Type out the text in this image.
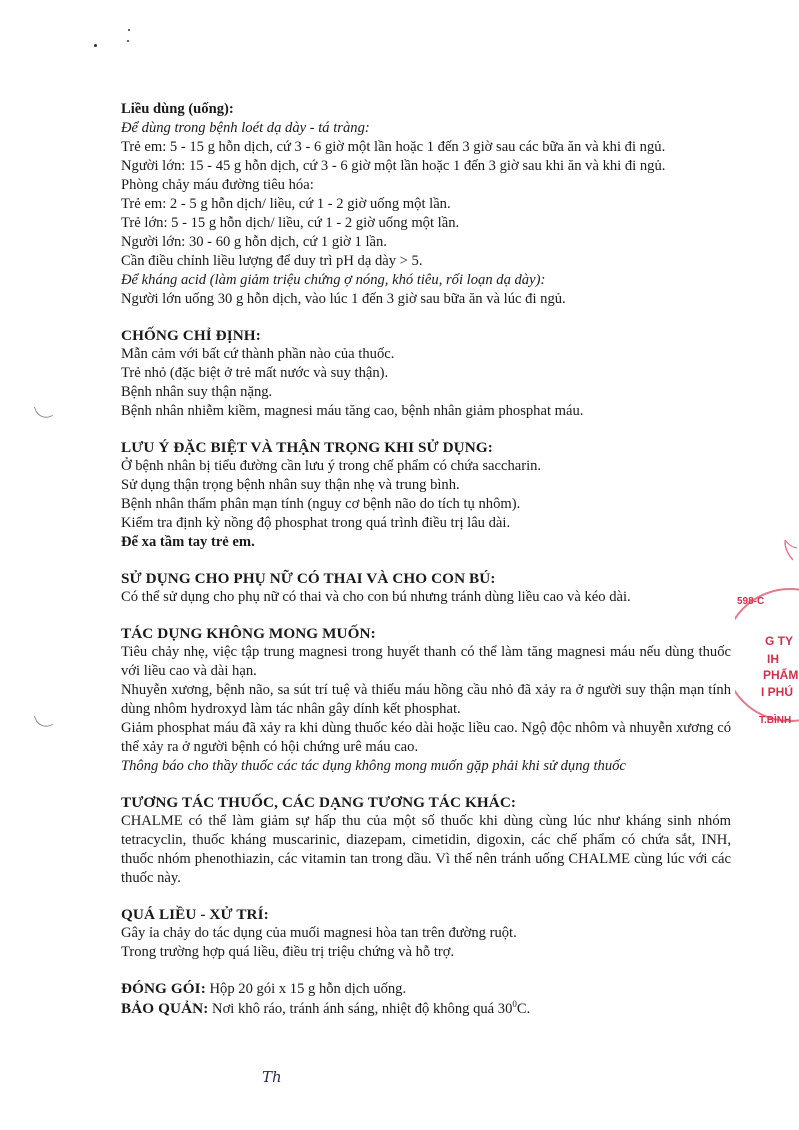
Liều dùng (uống):

Để dùng trong bệnh loét dạ dày - tá tràng:

Trẻ em: 5 - 15 g hỗn dịch, cứ 3 - 6 giờ một lần hoặc 1 đến 3 giờ sau các bữa ăn và khi đi ngủ.

Người lớn: 15 - 45 g hỗn dịch, cứ 3 - 6 giờ một lần hoặc 1 đến 3 giờ sau khi ăn và khi đi ngủ.

Phòng chảy máu đường tiêu hóa:

Trẻ em: 2 - 5 g hỗn dịch/ liều, cứ 1 - 2 giờ uống một lần.

Trẻ lớn: 5 - 15 g hỗn dịch/ liều, cứ 1 - 2 giờ uống một lần.

Người lớn: 30 - 60 g hỗn dịch, cứ 1 giờ 1 lần.

Cần điều chỉnh liều lượng để duy trì pH dạ dày > 5.

Để kháng acid (làm giảm triệu chứng ợ nóng, khó tiêu, rối loạn dạ dày):

Người lớn uống 30 g hỗn dịch, vào lúc 1 đến 3 giờ sau bữa ăn và lúc đi ngủ.

CHỐNG CHỈ ĐỊNH:

Mẫn cảm với bất cứ thành phần nào của thuốc.

Trẻ nhỏ (đặc biệt ở trẻ mất nước và suy thận).

Bệnh nhân suy thận nặng.

Bệnh nhân nhiễm kiềm, magnesi máu tăng cao, bệnh nhân giảm phosphat máu.

LƯU Ý ĐẶC BIỆT VÀ THẬN TRỌNG KHI SỬ DỤNG:

Ở bệnh nhân bị tiểu đường cần lưu ý trong chế phẩm có chứa saccharin.

Sử dụng thận trọng bệnh nhân suy thận nhẹ và trung bình.

Bệnh nhân thẩm phân mạn tính (nguy cơ bệnh não do tích tụ nhôm).

Kiểm tra định kỳ nồng độ phosphat trong quá trình điều trị lâu dài.

Để xa tầm tay trẻ em.

SỬ DỤNG CHO PHỤ NỮ CÓ THAI VÀ CHO CON BÚ:

Có thể sử dụng cho phụ nữ có thai và cho con bú nhưng tránh dùng liều cao và kéo dài.

TÁC DỤNG KHÔNG MONG MUỐN:

Tiêu chảy nhẹ, việc tập trung magnesi trong huyết thanh có thể làm tăng magnesi máu nếu dùng thuốc với liều cao và dài hạn.

Nhuyễn xương, bệnh não, sa sút trí tuệ và thiếu máu hồng cầu nhỏ đã xảy ra ở người suy thận mạn tính dùng nhôm hydroxyd làm tác nhân gây dính kết phosphat.

Giảm phosphat máu đã xảy ra khi dùng thuốc kéo dài hoặc liều cao. Ngộ độc nhôm và nhuyễn xương có thể xảy ra ở người bệnh có hội chứng urê máu cao.

Thông báo cho thầy thuốc các tác dụng không mong muốn gặp phải khi sử dụng thuốc

TƯƠNG TÁC THUỐC, CÁC DẠNG TƯƠNG TÁC KHÁC:

CHALME có thể làm giảm sự hấp thu của một số thuốc khi dùng cùng lúc như kháng sinh nhóm tetracyclin, thuốc kháng muscarinic, diazepam, cimetidin, digoxin, các chế phẩm có chứa sắt, INH, thuốc nhóm phenothiazin, các vitamin tan trong dầu. Vì thế nên tránh uống CHALME cùng lúc với các thuốc này.

QUÁ LIỀU - XỬ TRÍ:

Gây ỉa chảy do tác dụng của muối magnesi hòa tan trên đường ruột.

Trong trường hợp quá liều, điều trị triệu chứng và hỗ trợ.

ĐÓNG GÓI: Hộp 20 gói x 15 g hỗn dịch uống.

BẢO QUẢN: Nơi khô ráo, tránh ánh sáng, nhiệt độ không quá $30^0C$.

598-C
G TY
IH
PHẨM
I PHÚ
T.BÌNH
Th
